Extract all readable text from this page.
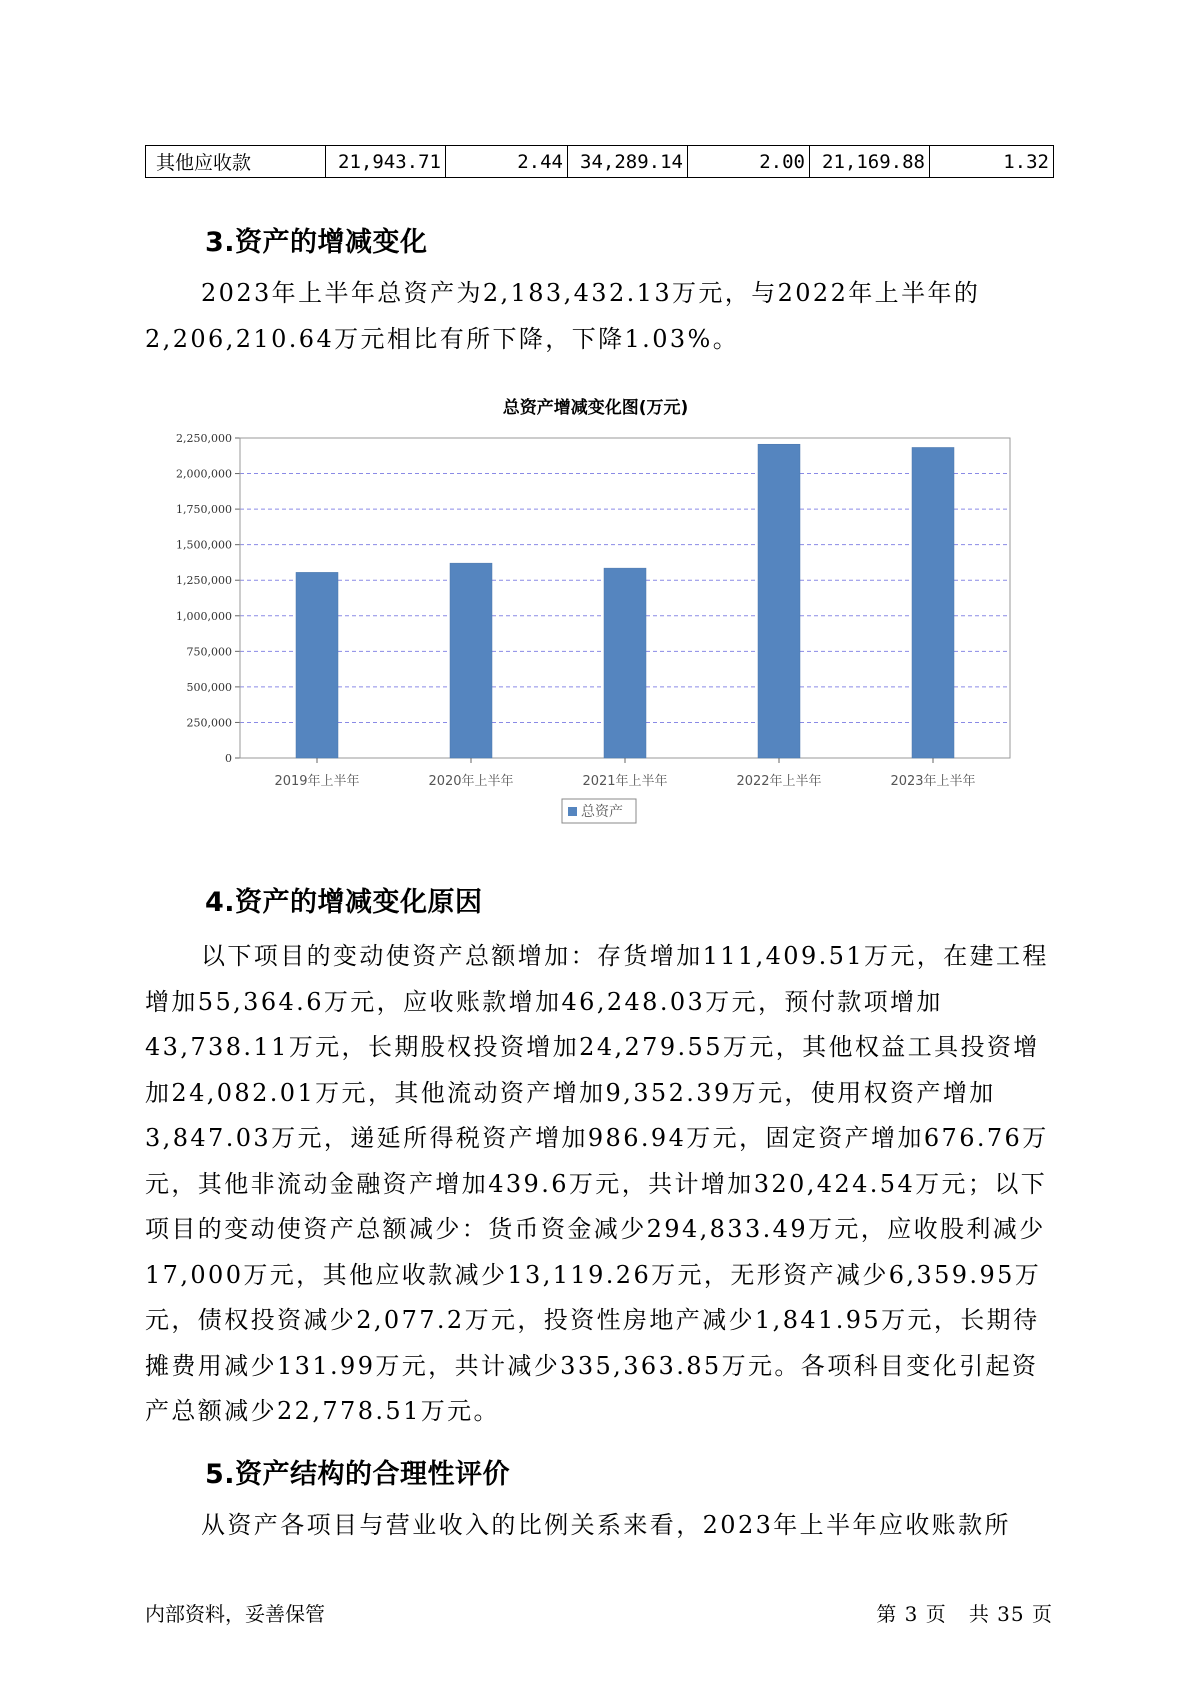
其他应收款	21,943.71	2.44	34,289.14	2.00	21,169.88	1.32
3.资产的增减变化

2023年上半年总资产为2,183,432.13万元，与2022年上半年的2,206,210.64万元相比有所下降，下降1.03%。

总资产增减变化图(万元)
0
250,000
500,000
750,000
1,000,000
1,250,000
1,500,000
1,750,000
2,000,000
2,250,000
2019年上半年	2020年上半年	2021年上半年	2022年上半年	2023年上半年
总资产
4.资产的增减变化原因

以下项目的变动使资产总额增加：存货增加111,409.51万元，在建工程增加55,364.6万元，应收账款增加46,248.03万元，预付款项增加43,738.11万元，长期股权投资增加24,279.55万元，其他权益工具投资增加24,082.01万元，其他流动资产增加9,352.39万元，使用权资产增加3,847.03万元，递延所得税资产增加986.94万元，固定资产增加676.76万元，其他非流动金融资产增加439.6万元，共计增加320,424.54万元；以下项目的变动使资产总额减少：货币资金减少294,833.49万元，应收股利减少17,000万元，其他应收款减少13,119.26万元，无形资产减少6,359.95万元，债权投资减少2,077.2万元，投资性房地产减少1,841.95万元，长期待摊费用减少131.99万元，共计减少335,363.85万元。各项科目变化引起资产总额减少22,778.51万元。

5.资产结构的合理性评价

从资产各项目与营业收入的比例关系来看，2023年上半年应收账款所

内部资料，妥善保管	第 3 页   共 35 页
